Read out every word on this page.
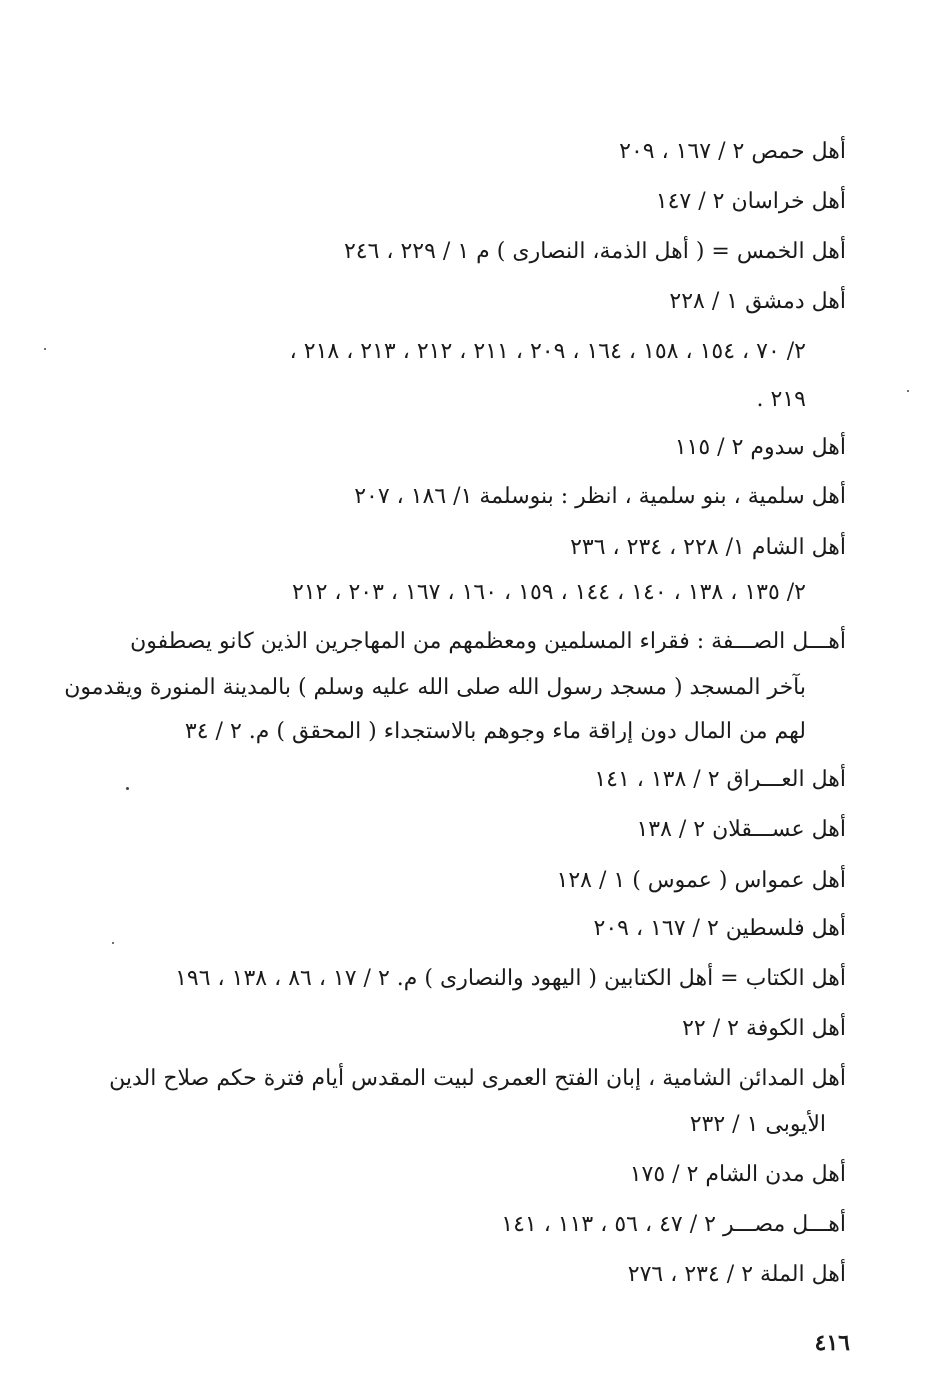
أهل حمص ٢ / ١٦٧ ، ٢٠٩
أهل خراسان ٢ / ١٤٧
أهل الخمس = ( أهل الذمة، النصارى ) م ١ / ٢٢٩ ، ٢٤٦
أهل دمشق ١ / ٢٢٨
٢/ ٧٠ ، ١٥٤ ، ١٥٨ ، ١٦٤ ، ٢٠٩ ، ٢١١ ، ٢١٢ ، ٢١٣ ، ٢١٨ ،
٢١٩ .
أهل سدوم ٢ / ١١٥
أهل سلمية ، بنو سلمية ، انظر : بنوسلمة ١/ ١٨٦ ، ٢٠٧
أهل الشام ١/ ٢٢٨ ، ٢٣٤ ، ٢٣٦
٢/ ١٣٥ ، ١٣٨ ، ١٤٠ ، ١٤٤ ، ١٥٩ ، ١٦٠ ، ١٦٧ ، ٢٠٣ ، ٢١٢
أهـــل الصـــفة : فقراء المسلمين ومعظمهم من المهاجرين الذين كانو يصطفون
بآخر المسجد ( مسجد رسول الله صلى الله عليه وسلم ) بالمدينة المنورة ويقدمون
لهم من المال دون إراقة ماء وجوهم بالاستجداء ( المحقق ) م. ٢ / ٣٤
أهل العـــراق ٢ / ١٣٨ ، ١٤١
أهل عســـقلان ٢ / ١٣٨
أهل عمواس ( عموس ) ١ / ١٢٨
أهل فلسطين ٢ / ١٦٧ ، ٢٠٩
أهل الكتاب = أهل الكتابين ( اليهود والنصارى ) م. ٢ / ١٧ ، ٨٦ ، ١٣٨ ، ١٩٦
أهل الكوفة ٢ / ٢٢
أهل المدائن الشامية ، إبان الفتح العمرى لبيت المقدس أيام فترة حكم صلاح الدين
الأيوبى ١ / ٢٣٢
أهل مدن الشام ٢ / ١٧٥
أهـــل مصـــر ٢ / ٤٧ ، ٥٦ ، ١١٣ ، ١٤١
أهل الملة ٢ / ٢٣٤ ، ٢٧٦
٤١٦
